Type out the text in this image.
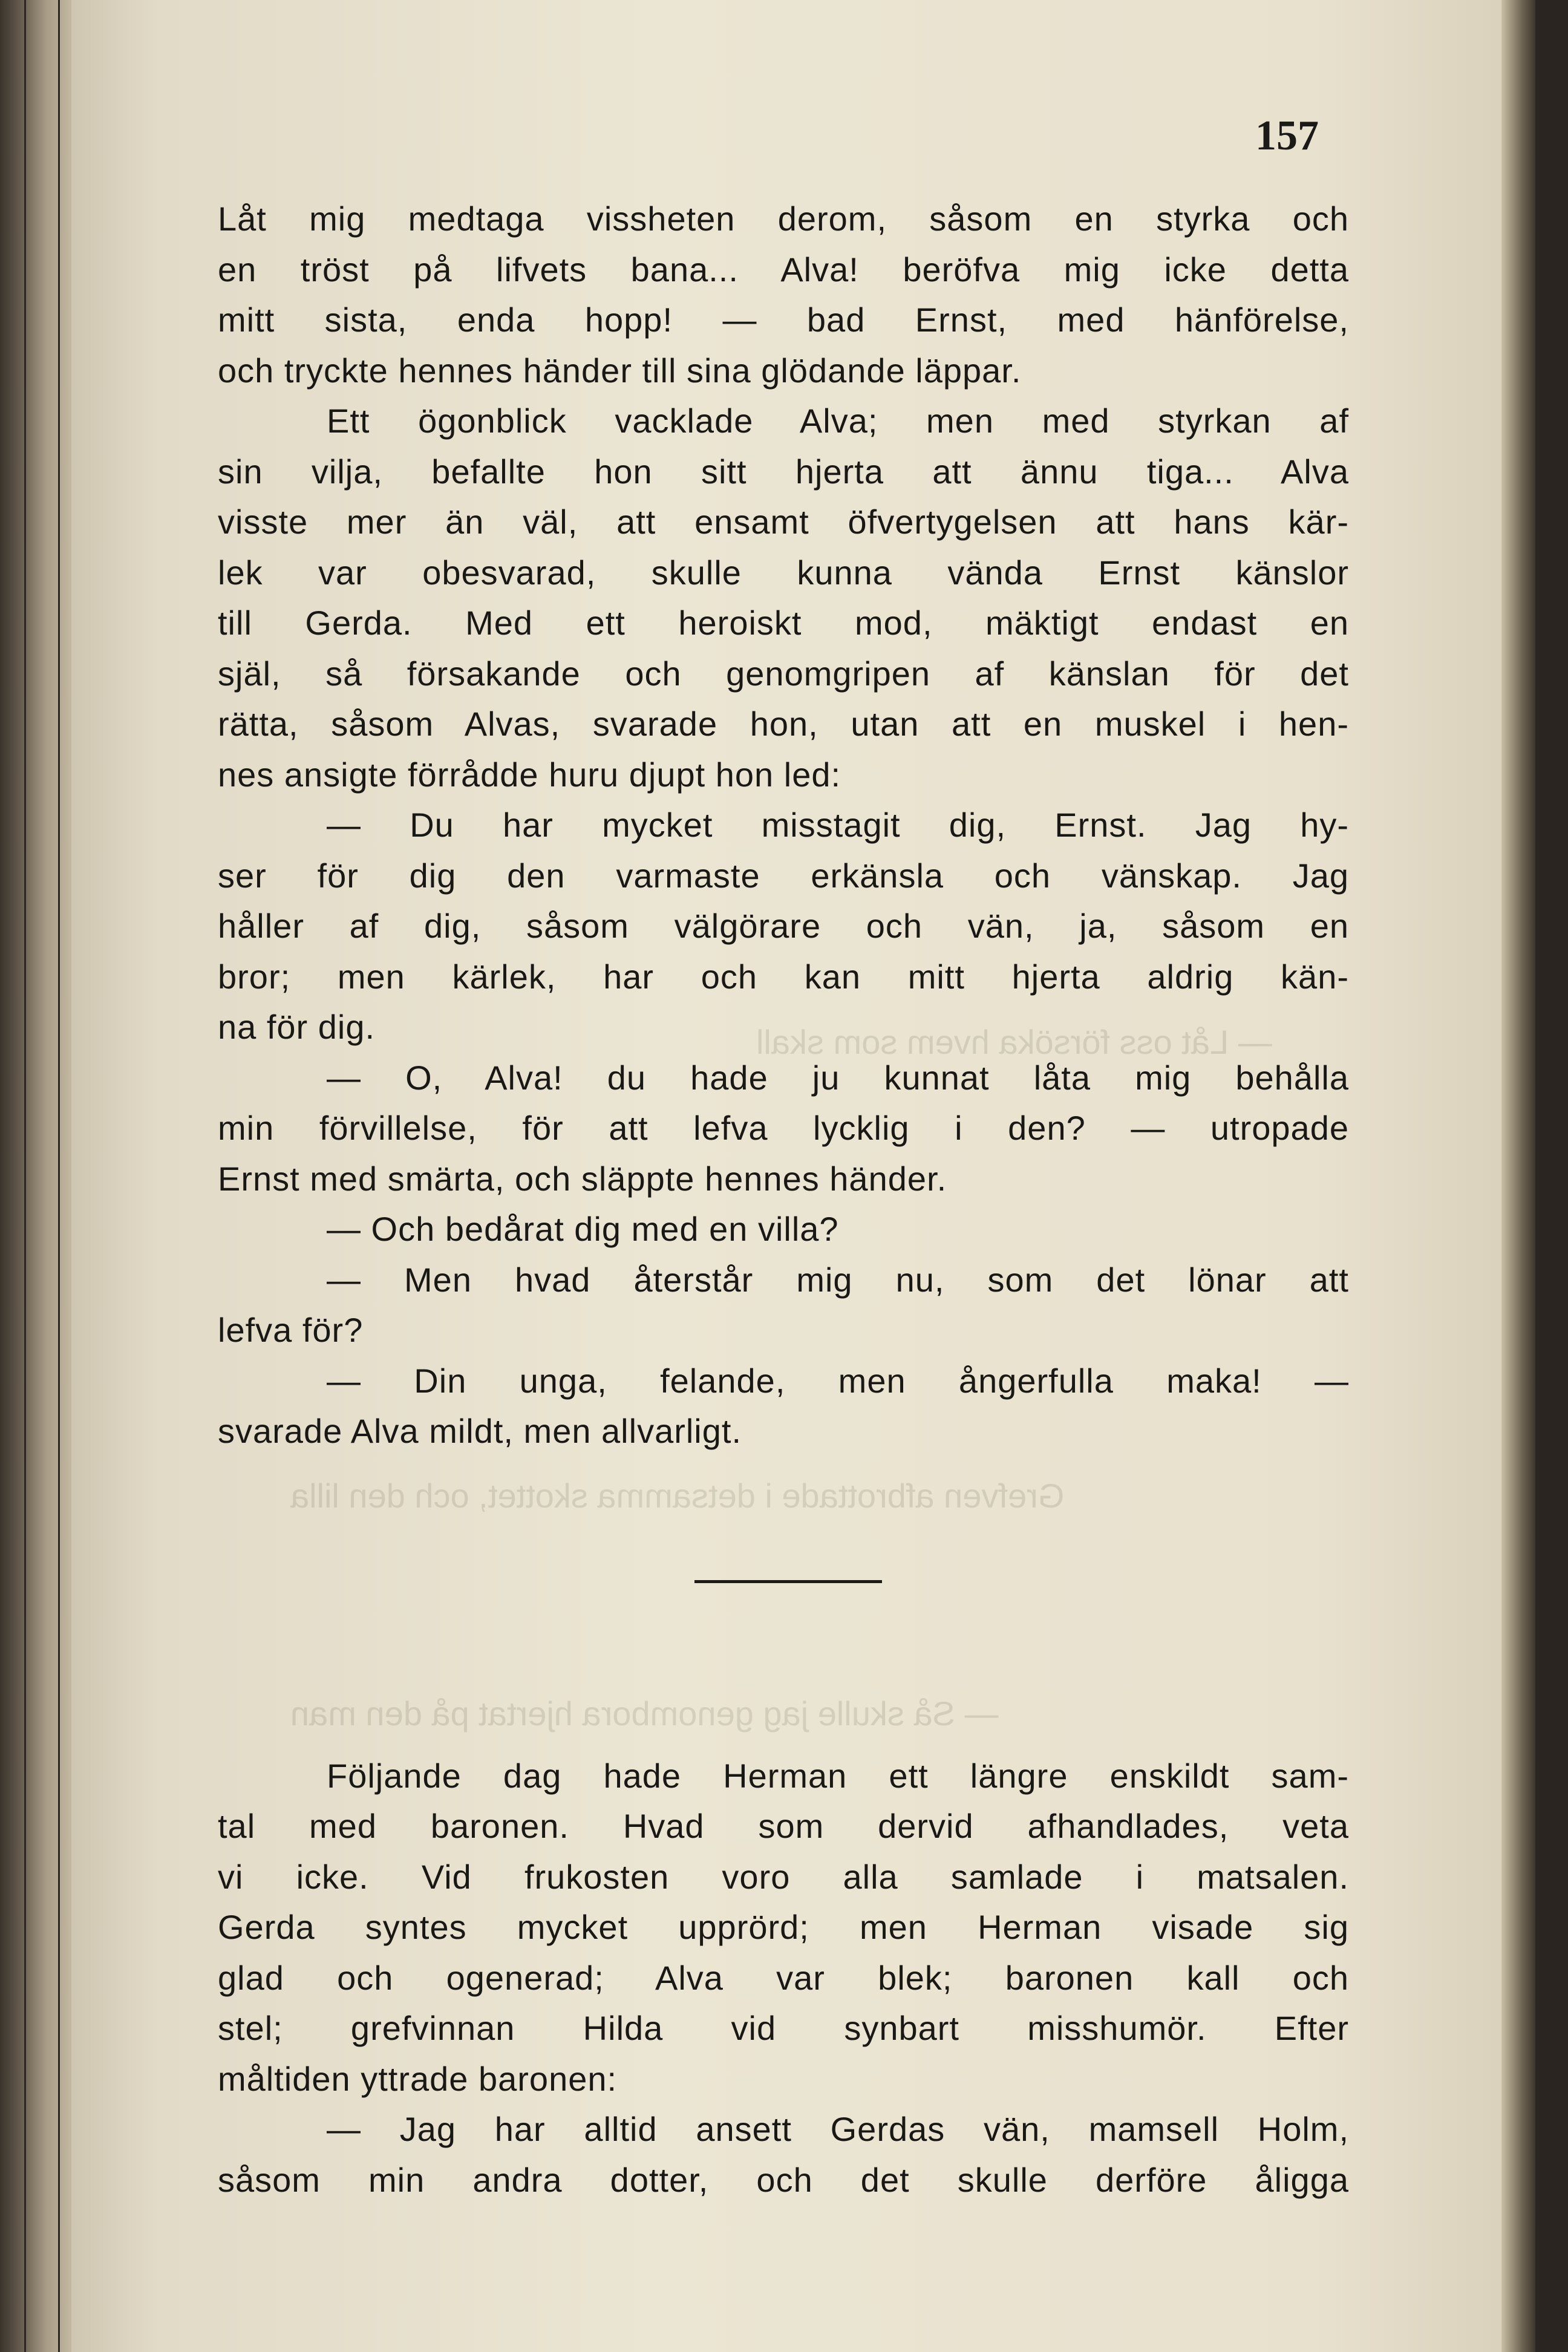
— Låt oss försöka hvem som skall
Grefven afbrottade i detsamma skottet, och den lilla
— Så skulle jag genombora hjertat på den man
157
Låt mig medtaga vissheten derom, såsom en styrka och
en tröst på lifvets bana... Alva! beröfva mig icke detta
mitt sista, enda hopp! — bad Ernst, med hänförelse,
och tryckte hennes händer till sina glödande läppar.
Ett ögonblick vacklade Alva; men med styrkan af
sin vilja, befallte hon sitt hjerta att ännu tiga... Alva
visste mer än väl, att ensamt öfvertygelsen att hans kär-
lek var obesvarad, skulle kunna vända Ernst känslor
till Gerda. Med ett heroiskt mod, mäktigt endast en
själ, så försakande och genomgripen af känslan för det
rätta, såsom Alvas, svarade hon, utan att en muskel i hen-
nes ansigte förrådde huru djupt hon led:
— Du har mycket misstagit dig, Ernst. Jag hy-
ser för dig den varmaste erkänsla och vänskap. Jag
håller af dig, såsom välgörare och vän, ja, såsom en
bror; men kärlek, har och kan mitt hjerta aldrig kän-
na för dig.
— O, Alva! du hade ju kunnat låta mig behålla
min förvillelse, för att lefva lycklig i den? — utropade
Ernst med smärta, och släppte hennes händer.
— Och bedårat dig med en villa?
— Men hvad återstår mig nu, som det lönar att
lefva för?
— Din unga, felande, men ångerfulla maka! —
svarade Alva mildt, men allvarligt.
Följande dag hade Herman ett längre enskildt sam-
tal med baronen. Hvad som dervid afhandlades, veta
vi icke. Vid frukosten voro alla samlade i matsalen.
Gerda syntes mycket upprörd; men Herman visade sig
glad och ogenerad; Alva var blek; baronen kall och
stel; grefvinnan Hilda vid synbart misshumör. Efter
måltiden yttrade baronen:
— Jag har alltid ansett Gerdas vän, mamsell Holm,
såsom min andra dotter, och det skulle derföre åligga
